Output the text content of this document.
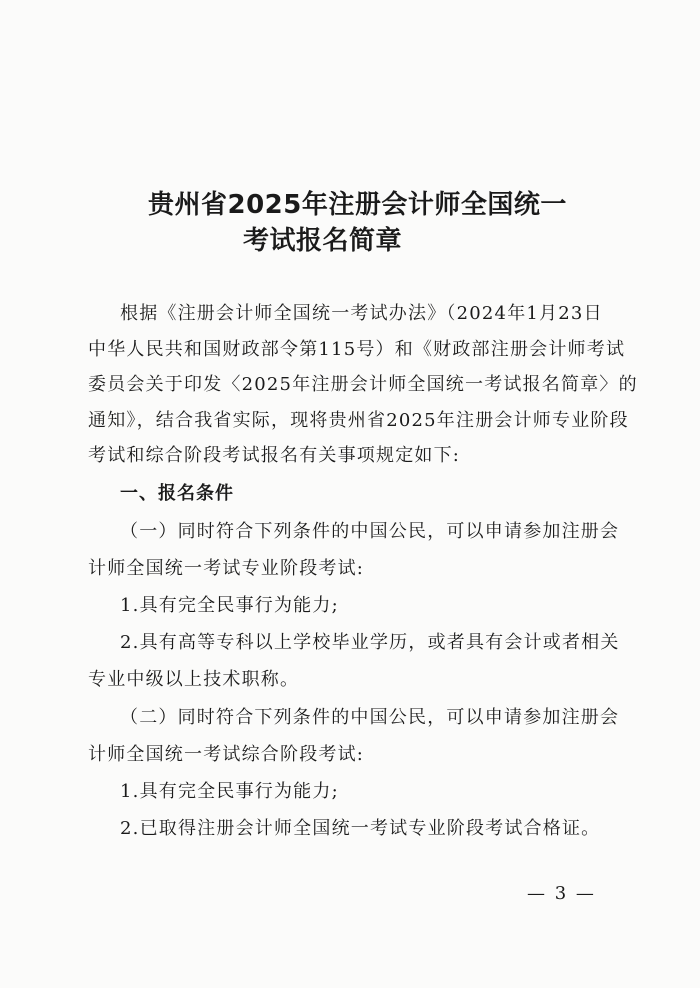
贵州省2025年注册会计师全国统一
考试报名简章
根据《注册会计师全国统一考试办法》（2024年1月23日
中华人民共和国财政部令第115号）和《财政部注册会计师考试
委员会关于印发〈2025年注册会计师全国统一考试报名简章〉的
通知》，结合我省实际，现将贵州省2025年注册会计师专业阶段
考试和综合阶段考试报名有关事项规定如下:
一、报名条件
（一）同时符合下列条件的中国公民，可以申请参加注册会
计师全国统一考试专业阶段考试:
1.具有完全民事行为能力;
2.具有高等专科以上学校毕业学历，或者具有会计或者相关
专业中级以上技术职称。
（二）同时符合下列条件的中国公民，可以申请参加注册会
计师全国统一考试综合阶段考试:
1.具有完全民事行为能力;
2.已取得注册会计师全国统一考试专业阶段考试合格证。
— 3 —
